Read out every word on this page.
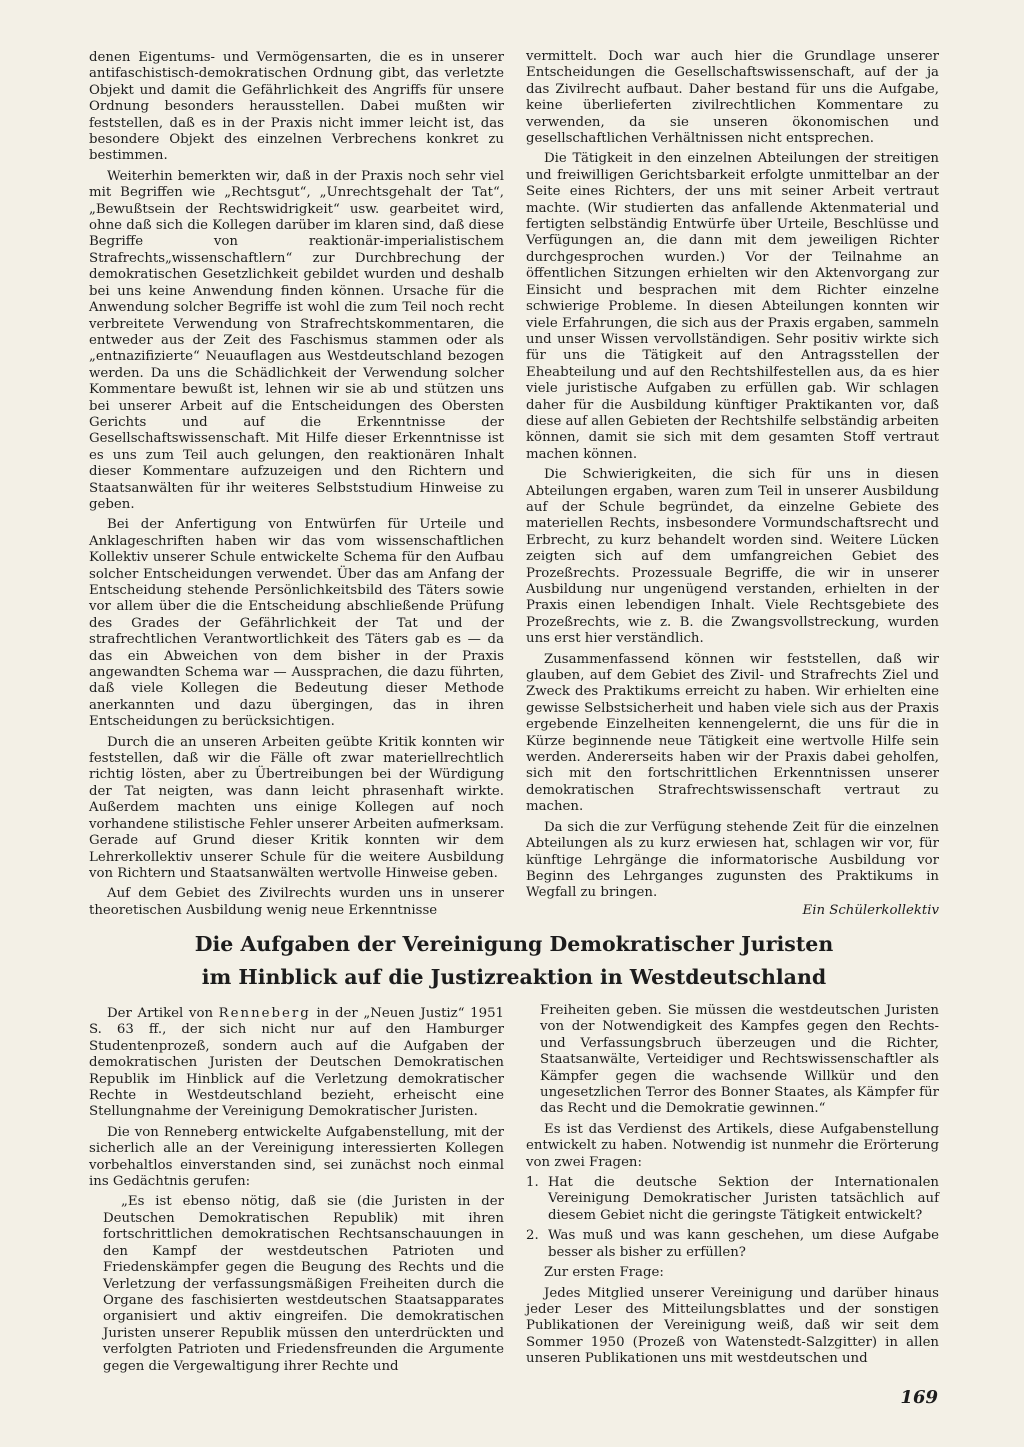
denen Eigentums- und Vermögensarten, die es in unserer antifaschistisch-demokratischen Ordnung gibt, das verletzte Objekt und damit die Gefährlichkeit des Angriffs für unsere Ordnung besonders herausstellen. Dabei mußten wir feststellen, daß es in der Praxis nicht immer leicht ist, das besondere Objekt des einzelnen Verbrechens konkret zu bestimmen.

Weiterhin bemerkten wir, daß in der Praxis noch sehr viel mit Begriffen wie „Rechtsgut“, „Unrechtsgehalt der Tat“, „Bewußtsein der Rechtswidrigkeit“ usw. gearbeitet wird, ohne daß sich die Kollegen darüber im klaren sind, daß diese Begriffe von reaktionär-imperialistischem Strafrechts„wissenschaftlern“ zur Durchbrechung der demokratischen Gesetzlichkeit gebildet wurden und deshalb bei uns keine Anwendung finden können. Ursache für die Anwendung solcher Begriffe ist wohl die zum Teil noch recht verbreitete Verwendung von Strafrechtskommentaren, die entweder aus der Zeit des Faschismus stammen oder als „entnazifizierte“ Neuauflagen aus Westdeutschland bezogen werden. Da uns die Schädlichkeit der Verwendung solcher Kommentare bewußt ist, lehnen wir sie ab und stützen uns bei unserer Arbeit auf die Entscheidungen des Obersten Gerichts und auf die Erkenntnisse der Gesellschaftswissenschaft. Mit Hilfe dieser Erkenntnisse ist es uns zum Teil auch gelungen, den reaktionären Inhalt dieser Kommentare aufzuzeigen und den Richtern und Staatsanwälten für ihr weiteres Selbststudium Hinweise zu geben.

Bei der Anfertigung von Entwürfen für Urteile und Anklageschriften haben wir das vom wissenschaftlichen Kollektiv unserer Schule entwickelte Schema für den Aufbau solcher Entscheidungen verwendet. Über das am Anfang der Entscheidung stehende Persönlichkeitsbild des Täters sowie vor allem über die die Entscheidung abschließende Prüfung des Grades der Gefährlichkeit der Tat und der strafrechtlichen Verantwortlichkeit des Täters gab es — da das ein Abweichen von dem bisher in der Praxis angewandten Schema war — Aussprachen, die dazu führten, daß viele Kollegen die Bedeutung dieser Methode anerkannten und dazu übergingen, das in ihren Entscheidungen zu berücksichtigen.

Durch die an unseren Arbeiten geübte Kritik konnten wir feststellen, daß wir die Fälle oft zwar materiellrechtlich richtig lösten, aber zu Übertreibungen bei der Würdigung der Tat neigten, was dann leicht phrasenhaft wirkte. Außerdem machten uns einige Kollegen auf noch vorhandene stilistische Fehler unserer Arbeiten aufmerksam. Gerade auf Grund dieser Kritik konnten wir dem Lehrerkollektiv unserer Schule für die weitere Ausbildung von Richtern und Staatsanwälten wertvolle Hinweise geben.

Auf dem Gebiet des Zivilrechts wurden uns in unserer theoretischen Ausbildung wenig neue Erkenntnisse

vermittelt. Doch war auch hier die Grundlage unserer Entscheidungen die Gesellschaftswissenschaft, auf der ja das Zivilrecht aufbaut. Daher bestand für uns die Aufgabe, keine überlieferten zivilrechtlichen Kommentare zu verwenden, da sie unseren ökonomischen und gesellschaftlichen Verhältnissen nicht entsprechen.

Die Tätigkeit in den einzelnen Abteilungen der streitigen und freiwilligen Gerichtsbarkeit erfolgte unmittelbar an der Seite eines Richters, der uns mit seiner Arbeit vertraut machte. (Wir studierten das anfallende Aktenmaterial und fertigten selbständig Entwürfe über Urteile, Beschlüsse und Verfügungen an, die dann mit dem jeweiligen Richter durchgesprochen wurden.) Vor der Teilnahme an öffentlichen Sitzungen erhielten wir den Aktenvorgang zur Einsicht und besprachen mit dem Richter einzelne schwierige Probleme. In diesen Abteilungen konnten wir viele Erfahrungen, die sich aus der Praxis ergaben, sammeln und unser Wissen vervollständigen. Sehr positiv wirkte sich für uns die Tätigkeit auf den Antragsstellen der Eheabteilung und auf den Rechtshilfestellen aus, da es hier viele juristische Aufgaben zu erfüllen gab. Wir schlagen daher für die Ausbildung künftiger Praktikanten vor, daß diese auf allen Gebieten der Rechtshilfe selbständig arbeiten können, damit sie sich mit dem gesamten Stoff vertraut machen können.

Die Schwierigkeiten, die sich für uns in diesen Abteilungen ergaben, waren zum Teil in unserer Ausbildung auf der Schule begründet, da einzelne Gebiete des materiellen Rechts, insbesondere Vormundschaftsrecht und Erbrecht, zu kurz behandelt worden sind. Weitere Lücken zeigten sich auf dem umfangreichen Gebiet des Prozeßrechts. Prozessuale Begriffe, die wir in unserer Ausbildung nur ungenügend verstanden, erhielten in der Praxis einen lebendigen Inhalt. Viele Rechtsgebiete des Prozeßrechts, wie z. B. die Zwangsvollstreckung, wurden uns erst hier verständlich.

Zusammenfassend können wir feststellen, daß wir glauben, auf dem Gebiet des Zivil- und Strafrechts Ziel und Zweck des Praktikums erreicht zu haben. Wir erhielten eine gewisse Selbstsicherheit und haben viele sich aus der Praxis ergebende Einzelheiten kennengelernt, die uns für die in Kürze beginnende neue Tätigkeit eine wertvolle Hilfe sein werden. Andererseits haben wir der Praxis dabei geholfen, sich mit den fortschrittlichen Erkenntnissen unserer demokratischen Strafrechtswissenschaft vertraut zu machen.

Da sich die zur Verfügung stehende Zeit für die einzelnen Abteilungen als zu kurz erwiesen hat, schlagen wir vor, für künftige Lehrgänge die informatorische Ausbildung vor Beginn des Lehrganges zugunsten des Praktikums in Wegfall zu bringen.

Ein Schülerkollektiv

Die Aufgaben der Vereinigung Demokratischer Juristen
im Hinblick auf die Justizreaktion in Westdeutschland

Der Artikel von Renneberg in der „Neuen Justiz“ 1951 S. 63 ff., der sich nicht nur auf den Hamburger Studentenprozeß, sondern auch auf die Aufgaben der demokratischen Juristen der Deutschen Demokratischen Republik im Hinblick auf die Verletzung demokratischer Rechte in Westdeutschland bezieht, erheischt eine Stellungnahme der Vereinigung Demokratischer Juristen.

Die von Renneberg entwickelte Aufgabenstellung, mit der sicherlich alle an der Vereinigung interessierten Kollegen vorbehaltlos einverstanden sind, sei zunächst noch einmal ins Gedächtnis gerufen:

„Es ist ebenso nötig, daß sie (die Juristen in der Deutschen Demokratischen Republik) mit ihren fortschrittlichen demokratischen Rechtsanschauungen in den Kampf der westdeutschen Patrioten und Friedenskämpfer gegen die Beugung des Rechts und die Verletzung der verfassungsmäßigen Freiheiten durch die Organe des faschisierten westdeutschen Staatsapparates organisiert und aktiv eingreifen. Die demokratischen Juristen unserer Republik müssen den unterdrückten und verfolgten Patrioten und Friedensfreunden die Argumente gegen die Vergewaltigung ihrer Rechte und

Freiheiten geben. Sie müssen die westdeutschen Juristen von der Notwendigkeit des Kampfes gegen den Rechts- und Verfassungsbruch überzeugen und die Richter, Staatsanwälte, Verteidiger und Rechtswissenschaftler als Kämpfer gegen die wachsende Willkür und den ungesetzlichen Terror des Bonner Staates, als Kämpfer für das Recht und die Demokratie gewinnen.“

Es ist das Verdienst des Artikels, diese Aufgabenstellung entwickelt zu haben. Notwendig ist nunmehr die Erörterung von zwei Fragen:

1. Hat die deutsche Sektion der Internationalen Vereinigung Demokratischer Juristen tatsächlich auf diesem Gebiet nicht die geringste Tätigkeit entwickelt?

2. Was muß und was kann geschehen, um diese Aufgabe besser als bisher zu erfüllen?

Zur ersten Frage:

Jedes Mitglied unserer Vereinigung und darüber hinaus jeder Leser des Mitteilungsblattes und der sonstigen Publikationen der Vereinigung weiß, daß wir seit dem Sommer 1950 (Prozeß von Watenstedt-Salzgitter) in allen unseren Publikationen uns mit westdeutschen und

169
